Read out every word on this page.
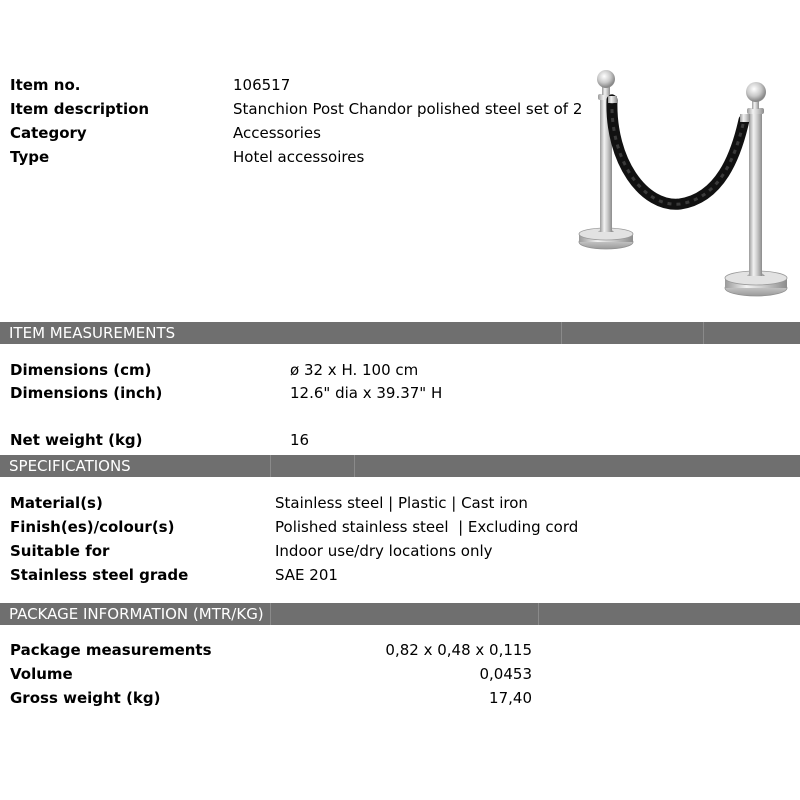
Item no.	106517
Item description	Stanchion Post Chandor polished steel set of 2
Category	Accessories
Type	Hotel accessoires
ITEM MEASUREMENTS
Dimensions (cm)	ø 32 x H. 100 cm
Dimensions (inch)	12.6" dia x 39.37" H
Net weight (kg)	16
SPECIFICATIONS
Material(s)	Stainless steel | Plastic | Cast iron
Finish(es)/colour(s)	Polished stainless steel  | Excluding cord
Suitable for	Indoor use/dry locations only
Stainless steel grade	SAE 201
PACKAGE INFORMATION (MTR/KG)
Package measurements	0,82 x 0,48 x 0,115
Volume	0,0453
Gross weight (kg)	17,40
